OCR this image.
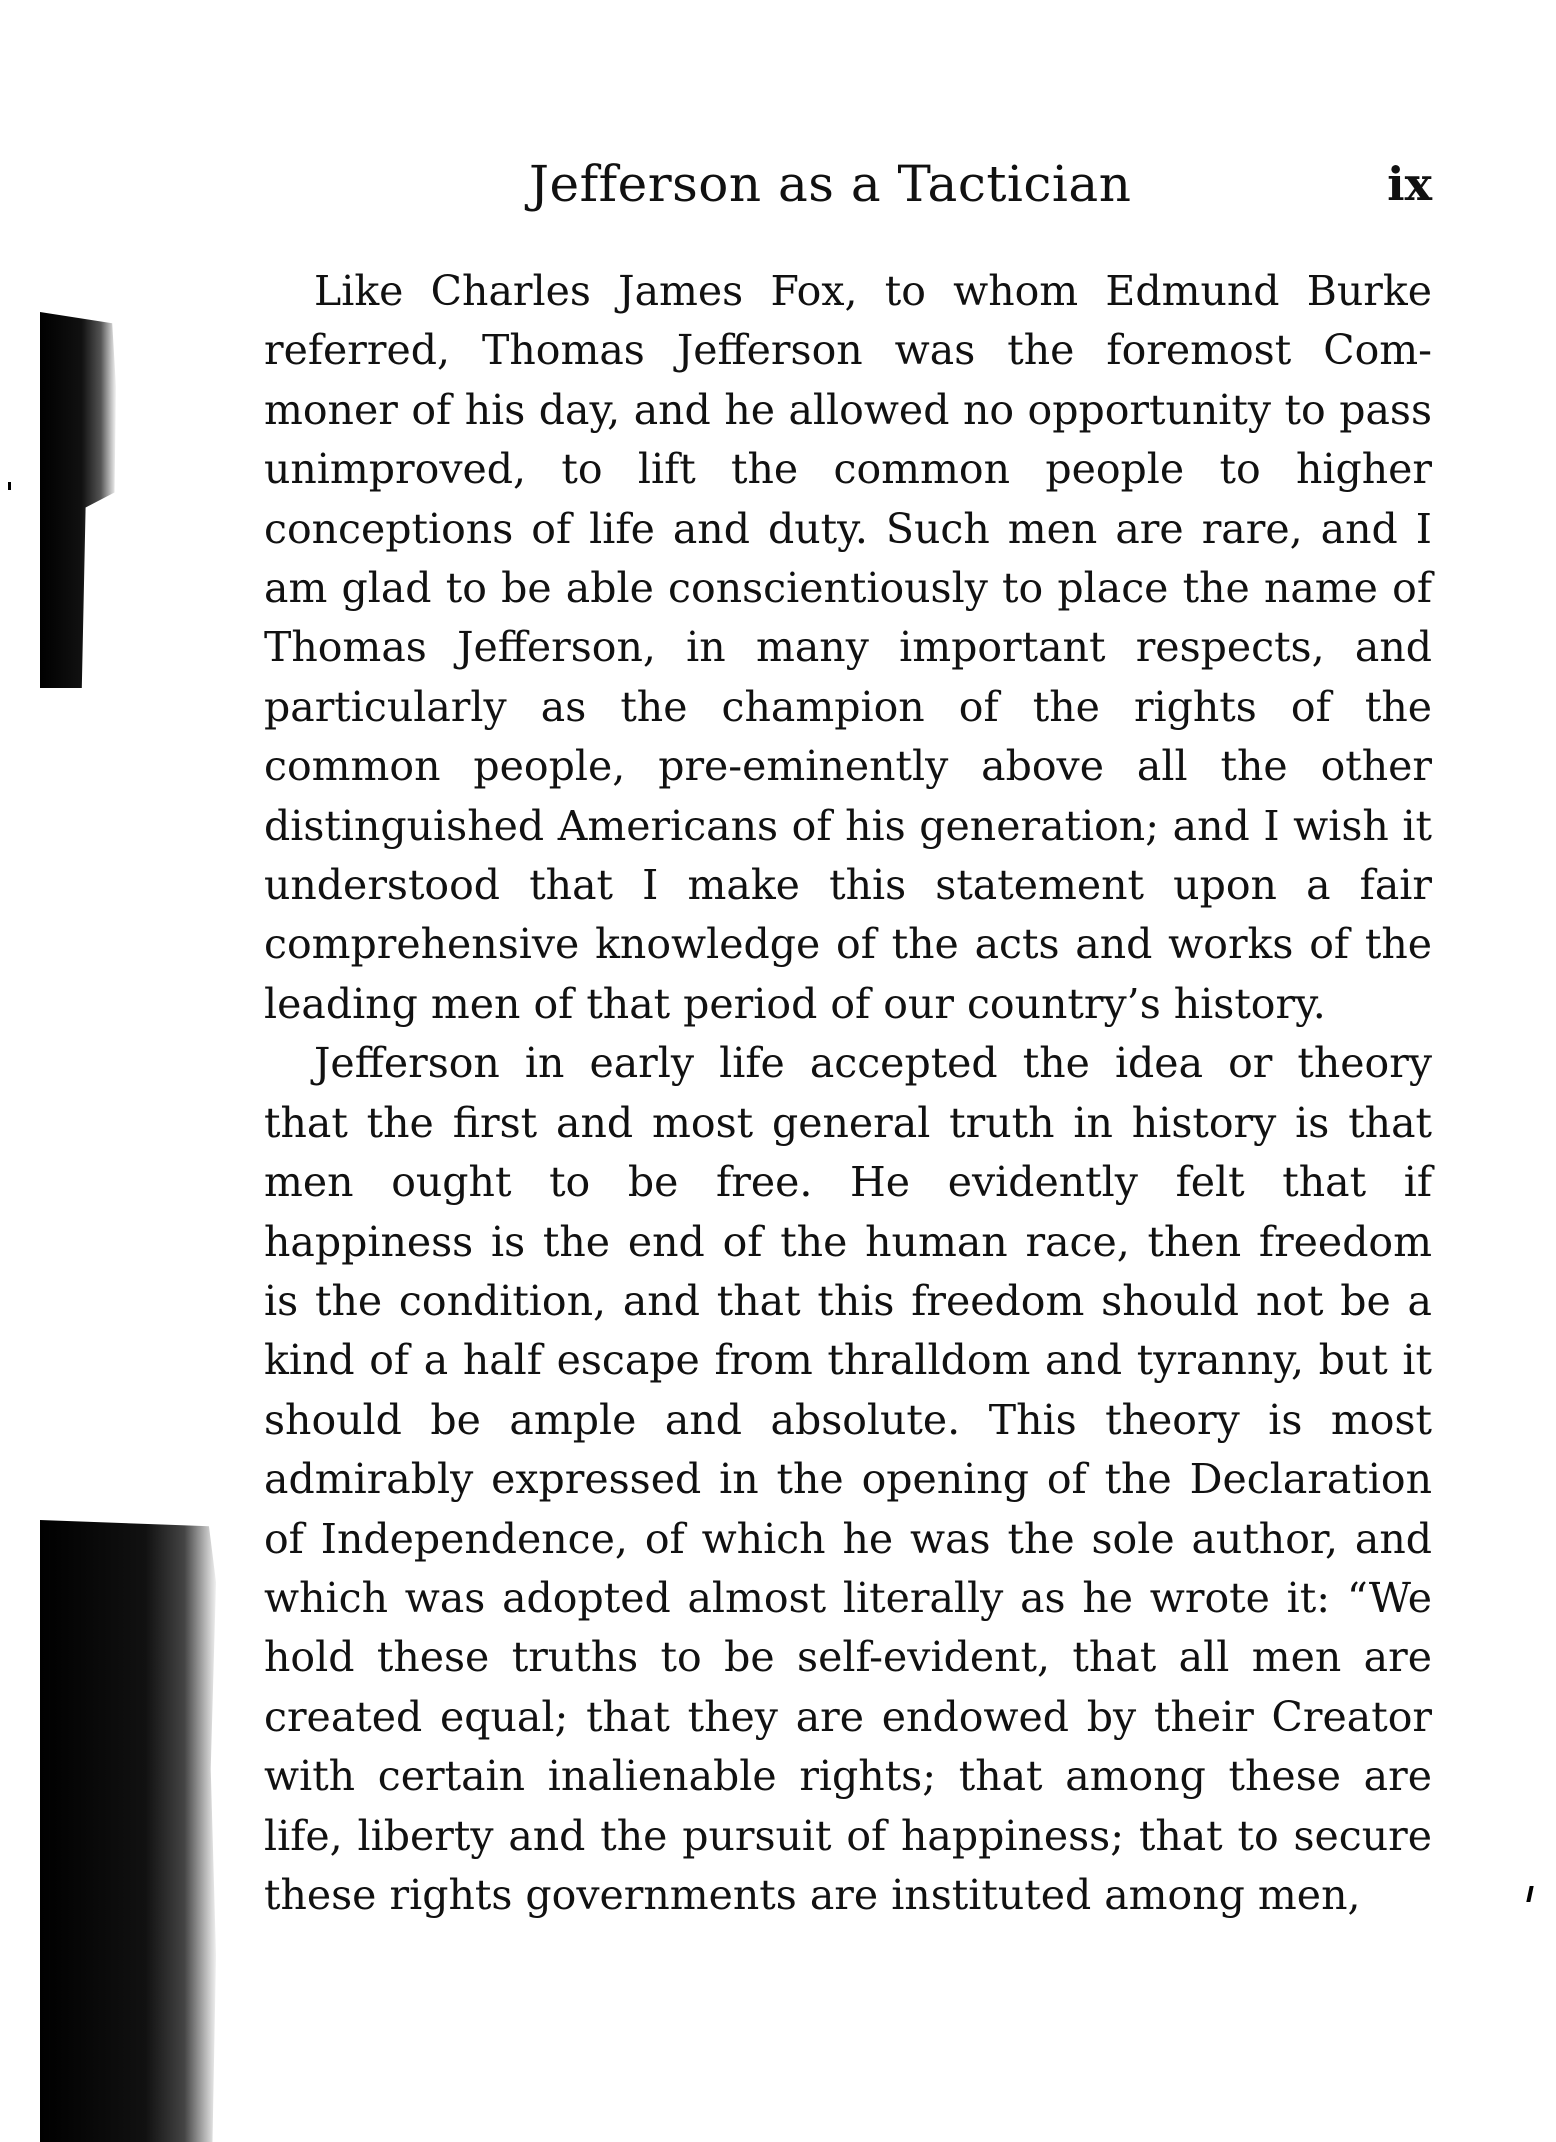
Jefferson as a Tactician	ix

Like Charles James Fox, to whom Edmund Burke referred, Thomas Jefferson was the foremost Commoner of his day, and he allowed no opportunity to pass unimproved, to lift the common people to higher conceptions of life and duty. Such men are rare, and I am glad to be able conscientiously to place the name of Thomas Jefferson, in many important respects, and particularly as the champion of the rights of the common people, pre-eminently above all the other distinguished Americans of his generation; and I wish it understood that I make this statement upon a fair comprehensive knowledge of the acts and works of the leading men of that period of our country’s history.

Jefferson in early life accepted the idea or theory that the first and most general truth in history is that men ought to be free. He evidently felt that if happiness is the end of the human race, then freedom is the condition, and that this freedom should not be a kind of a half escape from thralldom and tyranny, but it should be ample and absolute. This theory is most admirably expressed in the opening of the Declaration of Independence, of which he was the sole author, and which was adopted almost literally as he wrote it: “We hold these truths to be self-evident, that all men are created equal; that they are endowed by their Creator with certain inalienable rights; that among these are life, liberty and the pursuit of happiness; that to secure these rights governments are instituted among men,
